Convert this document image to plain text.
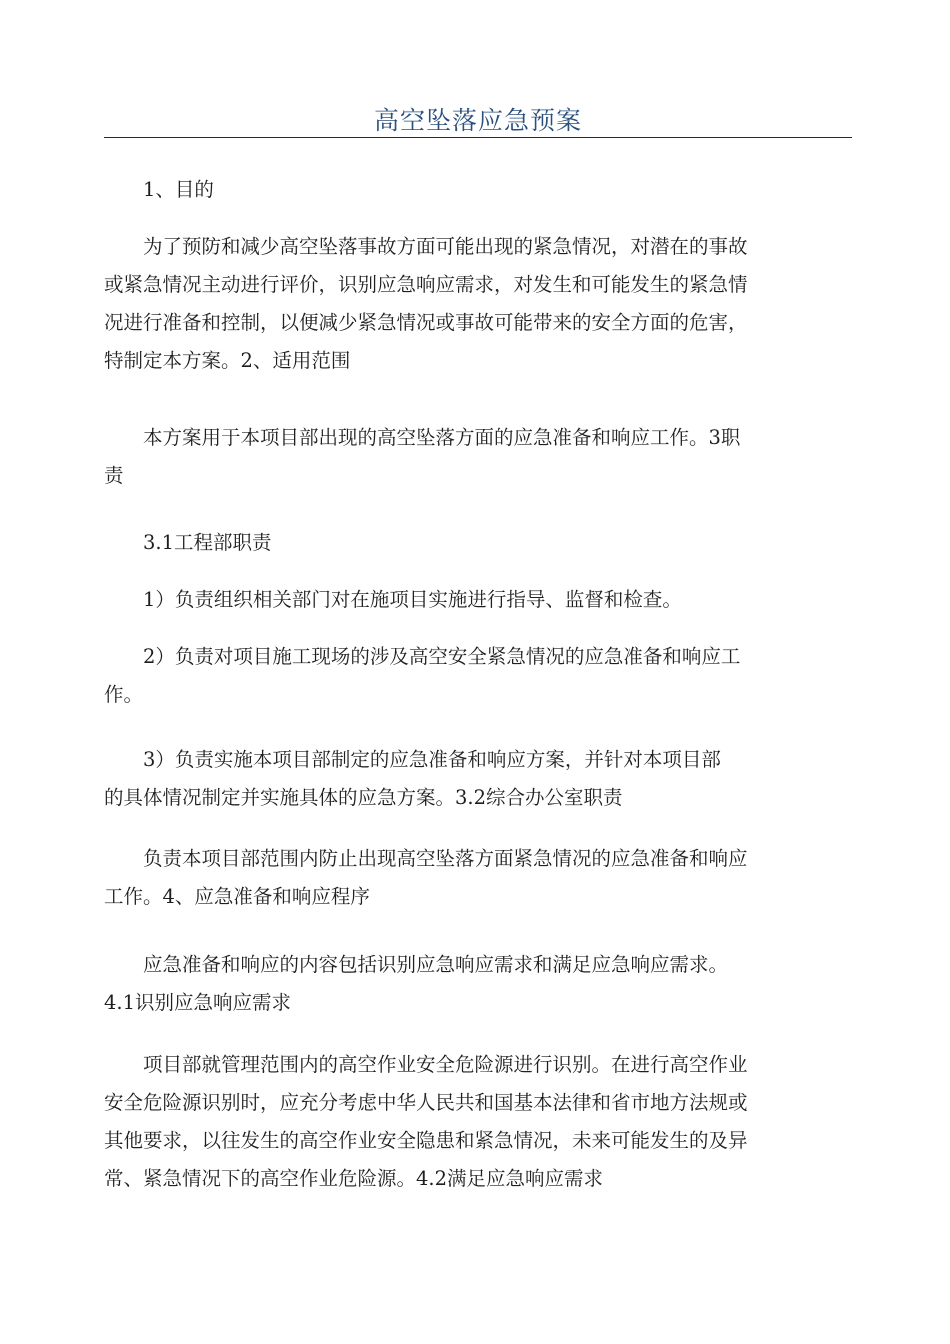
高空坠落应急预案
1、目的
为了预防和减少高空坠落事故方面可能出现的紧急情况，对潜在的事故
或紧急情况主动进行评价，识别应急响应需求，对发生和可能发生的紧急情
况进行准备和控制，以便减少紧急情况或事故可能带来的安全方面的危害，
特制定本方案。2、适用范围
本方案用于本项目部出现的高空坠落方面的应急准备和响应工作。3职
责
3.1工程部职责
1）负责组织相关部门对在施项目实施进行指导、监督和检查。
2）负责对项目施工现场的涉及高空安全紧急情况的应急准备和响应工
作。
3）负责实施本项目部制定的应急准备和响应方案，并针对本项目部
的具体情况制定并实施具体的应急方案。3.2综合办公室职责
负责本项目部范围内防止出现高空坠落方面紧急情况的应急准备和响应
工作。4、应急准备和响应程序
应急准备和响应的内容包括识别应急响应需求和满足应急响应需求。
4.1识别应急响应需求
项目部就管理范围内的高空作业安全危险源进行识别。在进行高空作业
安全危险源识别时，应充分考虑中华人民共和国基本法律和省市地方法规或
其他要求，以往发生的高空作业安全隐患和紧急情况，未来可能发生的及异
常、紧急情况下的高空作业危险源。4.2满足应急响应需求
